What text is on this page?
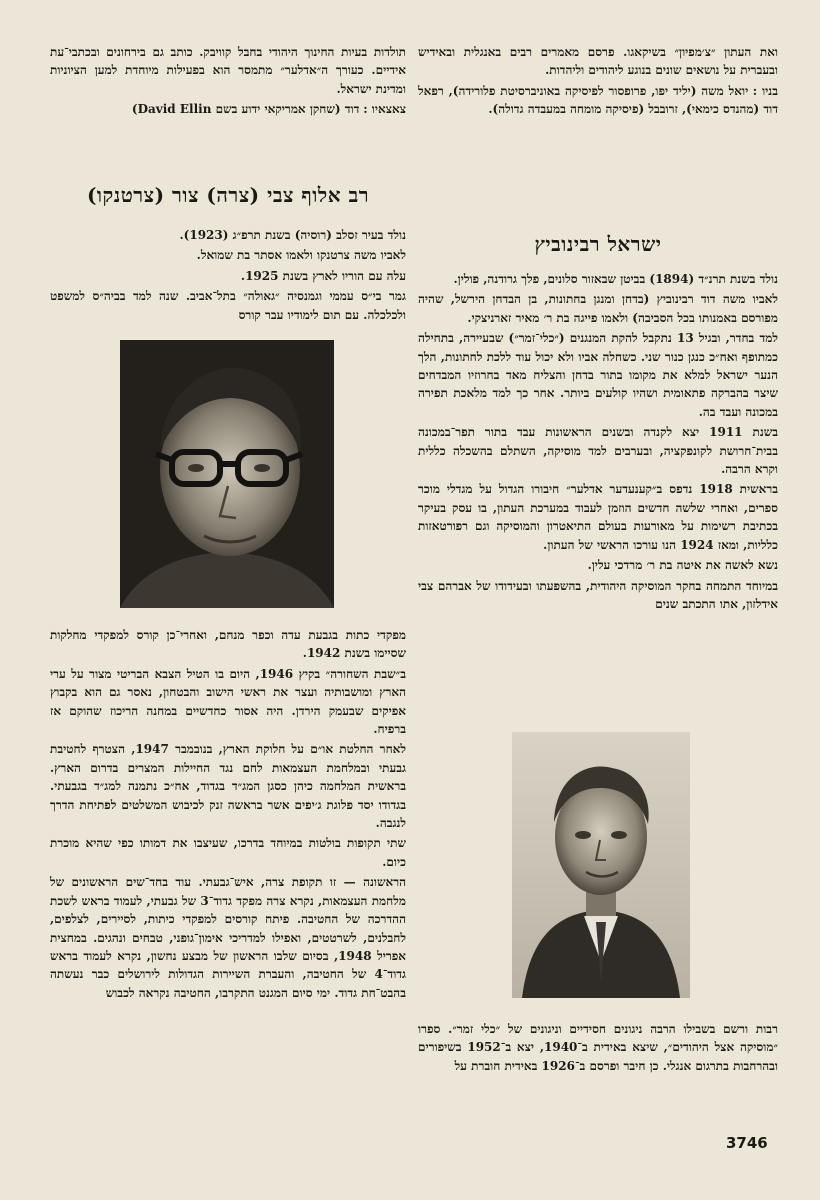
ואת העתון ״צ׳מפיון״ בשיקאגו. פרסם מאמרים רבים באנגלית ובאידיש ובעברית על נושאים שונים בנוגע ליהודים וליהדות.

בניו : יואל משה (יליד יפו, פרופסור לפיסיקה באוניברסיטת פלורידה), רפאל דוד (מהנדס כימאי), זרובבל (פיסיקה מומחה במעבדה גדולה).

ישראל רבינוביץ

נולד בשנת תרנ״ד (1894) בביטן שבאזור סלונים, פלך גרודנה, פולין.

לאביו משה דוד רבינוביץ (בדחן ומנגן בחתונות, בן הבדחן הירשל, שהיה מפורסם באמנותו בכל הסביבה) ולאמו פייגה בת ר׳ מאיר זארניצקי.

למד בחדר, ובגיל 13 נתקבל להקת המנגנים (״כלי־זמר״) שבעיירה, בתחילה כמתופף ואח״כ כנגן כנור שני. כשחלה אביו ולא יכול עוד ללכת לחתונות, הלך הנער ישראל למלא את מקומו בתור בדחן והצליח מאד בחרוזיו המבדחים שיצר בהברקה פתאומית ושהיו קולעים ביותר. אחר כך למד מלאכת תפירה במכונה ועבד בה.

בשנת 1911 יצא לקנדה ובשנים הראשונות עבד בתור תפר־במכונה בבית־חרושת לקונפקציה, ובערבים למד מוסיקה, השתלם בהשכלה כללית וקרא הרבה.

בראשית 1918 נדפס ב״קענעדער אדלער״ חיבורו הגדול על מגדלי מוכר ספרים, ואחרי שלשה חדשים הוזמן לעבוד במערכת העתון, בו עסק בעיקר בכתיבת רשימות על מאורעות בעולם התיאטרון והמוסיקה וגם רפורטאזות כלליות, ומאז 1924 הנו עורכו הראשי של העתון.

נשא לאשה את איטה בת ר׳ מרדכי עלין.

במיוחד התמחה בחקר המוסיקה היהודית, בהשפעתו ובעידודו של אברהם צבי אידלזון, אתו התכתב שנים

רבות ורשם בשבילו הרבה ניגונים חסידיים וניגונים של ״כלי זמר״. ספרו ״מוסיקה אצל היהודים״, שיצא באידית ב־1940, יצא ב־1952 בשיפורים ובהרחבות בתרגום אנגלי. כן חיבר ופרסם ב־1926 באידית חוברת על

תולדות בעיות החינוך היהודי בחבל קוויבק. כותב גם בירחונים ובכתבי־עת אידיים. כעורך ה״אדלער״ מתמסר הוא בפעילות מיוחדת למען הציוניות ומדינת ישראל.

צאצאיו : דוד (שחקן אמריקאי ידוע בשם David Ellin)

רב אלוף צבי (צרה) צור (צרטנקו)

נולד בעיר זסלב (רוסיה) בשנת תרפ״ג (1923).

לאביו משה צרטנקו ולאמו אסתר בת שמואל.

עלה עם הוריו לארץ בשנת 1925.

גמר בי״ס עממי וגמנסיה ״גאולה״ בתל־אביב. שנה למד בביה״ס למשפט ולכלכלה. עם תום לימודיו עבר קורס

מפקדי כתות בגבעת עדה וכפר מנחם, ואחרי־כן קורס למפקדי מחלקות שסיימו בשנת 1942.

ב״שבת השחורה״ בקיץ 1946, היום בו הטיל הצבא הבריטי מצור על ערי הארץ ומושבותיה ועצר את ראשי הישוב והבטחון, נאסר גם הוא בקבוץ אפיקים שבעמק הירדן. היה אסור כחדשיים במחנה הריכוז שהוקם אז ברפיח.

לאחר החלטת או״ם על חלוקת הארץ, בנובמבר 1947, הצטרף לחטיבת גבעתי ובמלחמת העצמאות לחם נגד החיילות המצרים בדרום הארץ. בראשית המלחמה כיהן כסגן המג״ד בגדוד, אח״כ נתמנה למג״ד בגבעתי. בגדודו יסד פלוגת ג׳יפים אשר בראשה זנק לכיבוש המשלטים לפתיחת הדרך לנגבה.

שתי תקופות בולטות במיוחד בדרכו, שעיצבו את דמותו כפי שהיא מוכרת כיום.

הראשונה — זו תקופת צרה, איש־גבעתי. עוד בחד־שים הראשונים של מלחמת העצמאות, נקרא צרה מפקד גדוד־3 של גבעתי, לעמוד בראש לשכת ההדרכה של החטיבה. פיתח קורסים למפקדי כיתות, לסיירים, לצלפים, לחבלנים, לשרטטים, ואפילו למדריכי אימון־גופני, טבחים ונהגים. במחצית אפריל 1948, בסיום שלבו הראשון של מבצע נחשון, נקרא לעמוד בראש גדוד־4 של החטיבה, והעברת השיירות הגדולות לירושלים כבר נעשתה בהבט־חת גדוד. ימי סיום המגנט התקרבו, החטיבה נקראה לכבוש

3746
